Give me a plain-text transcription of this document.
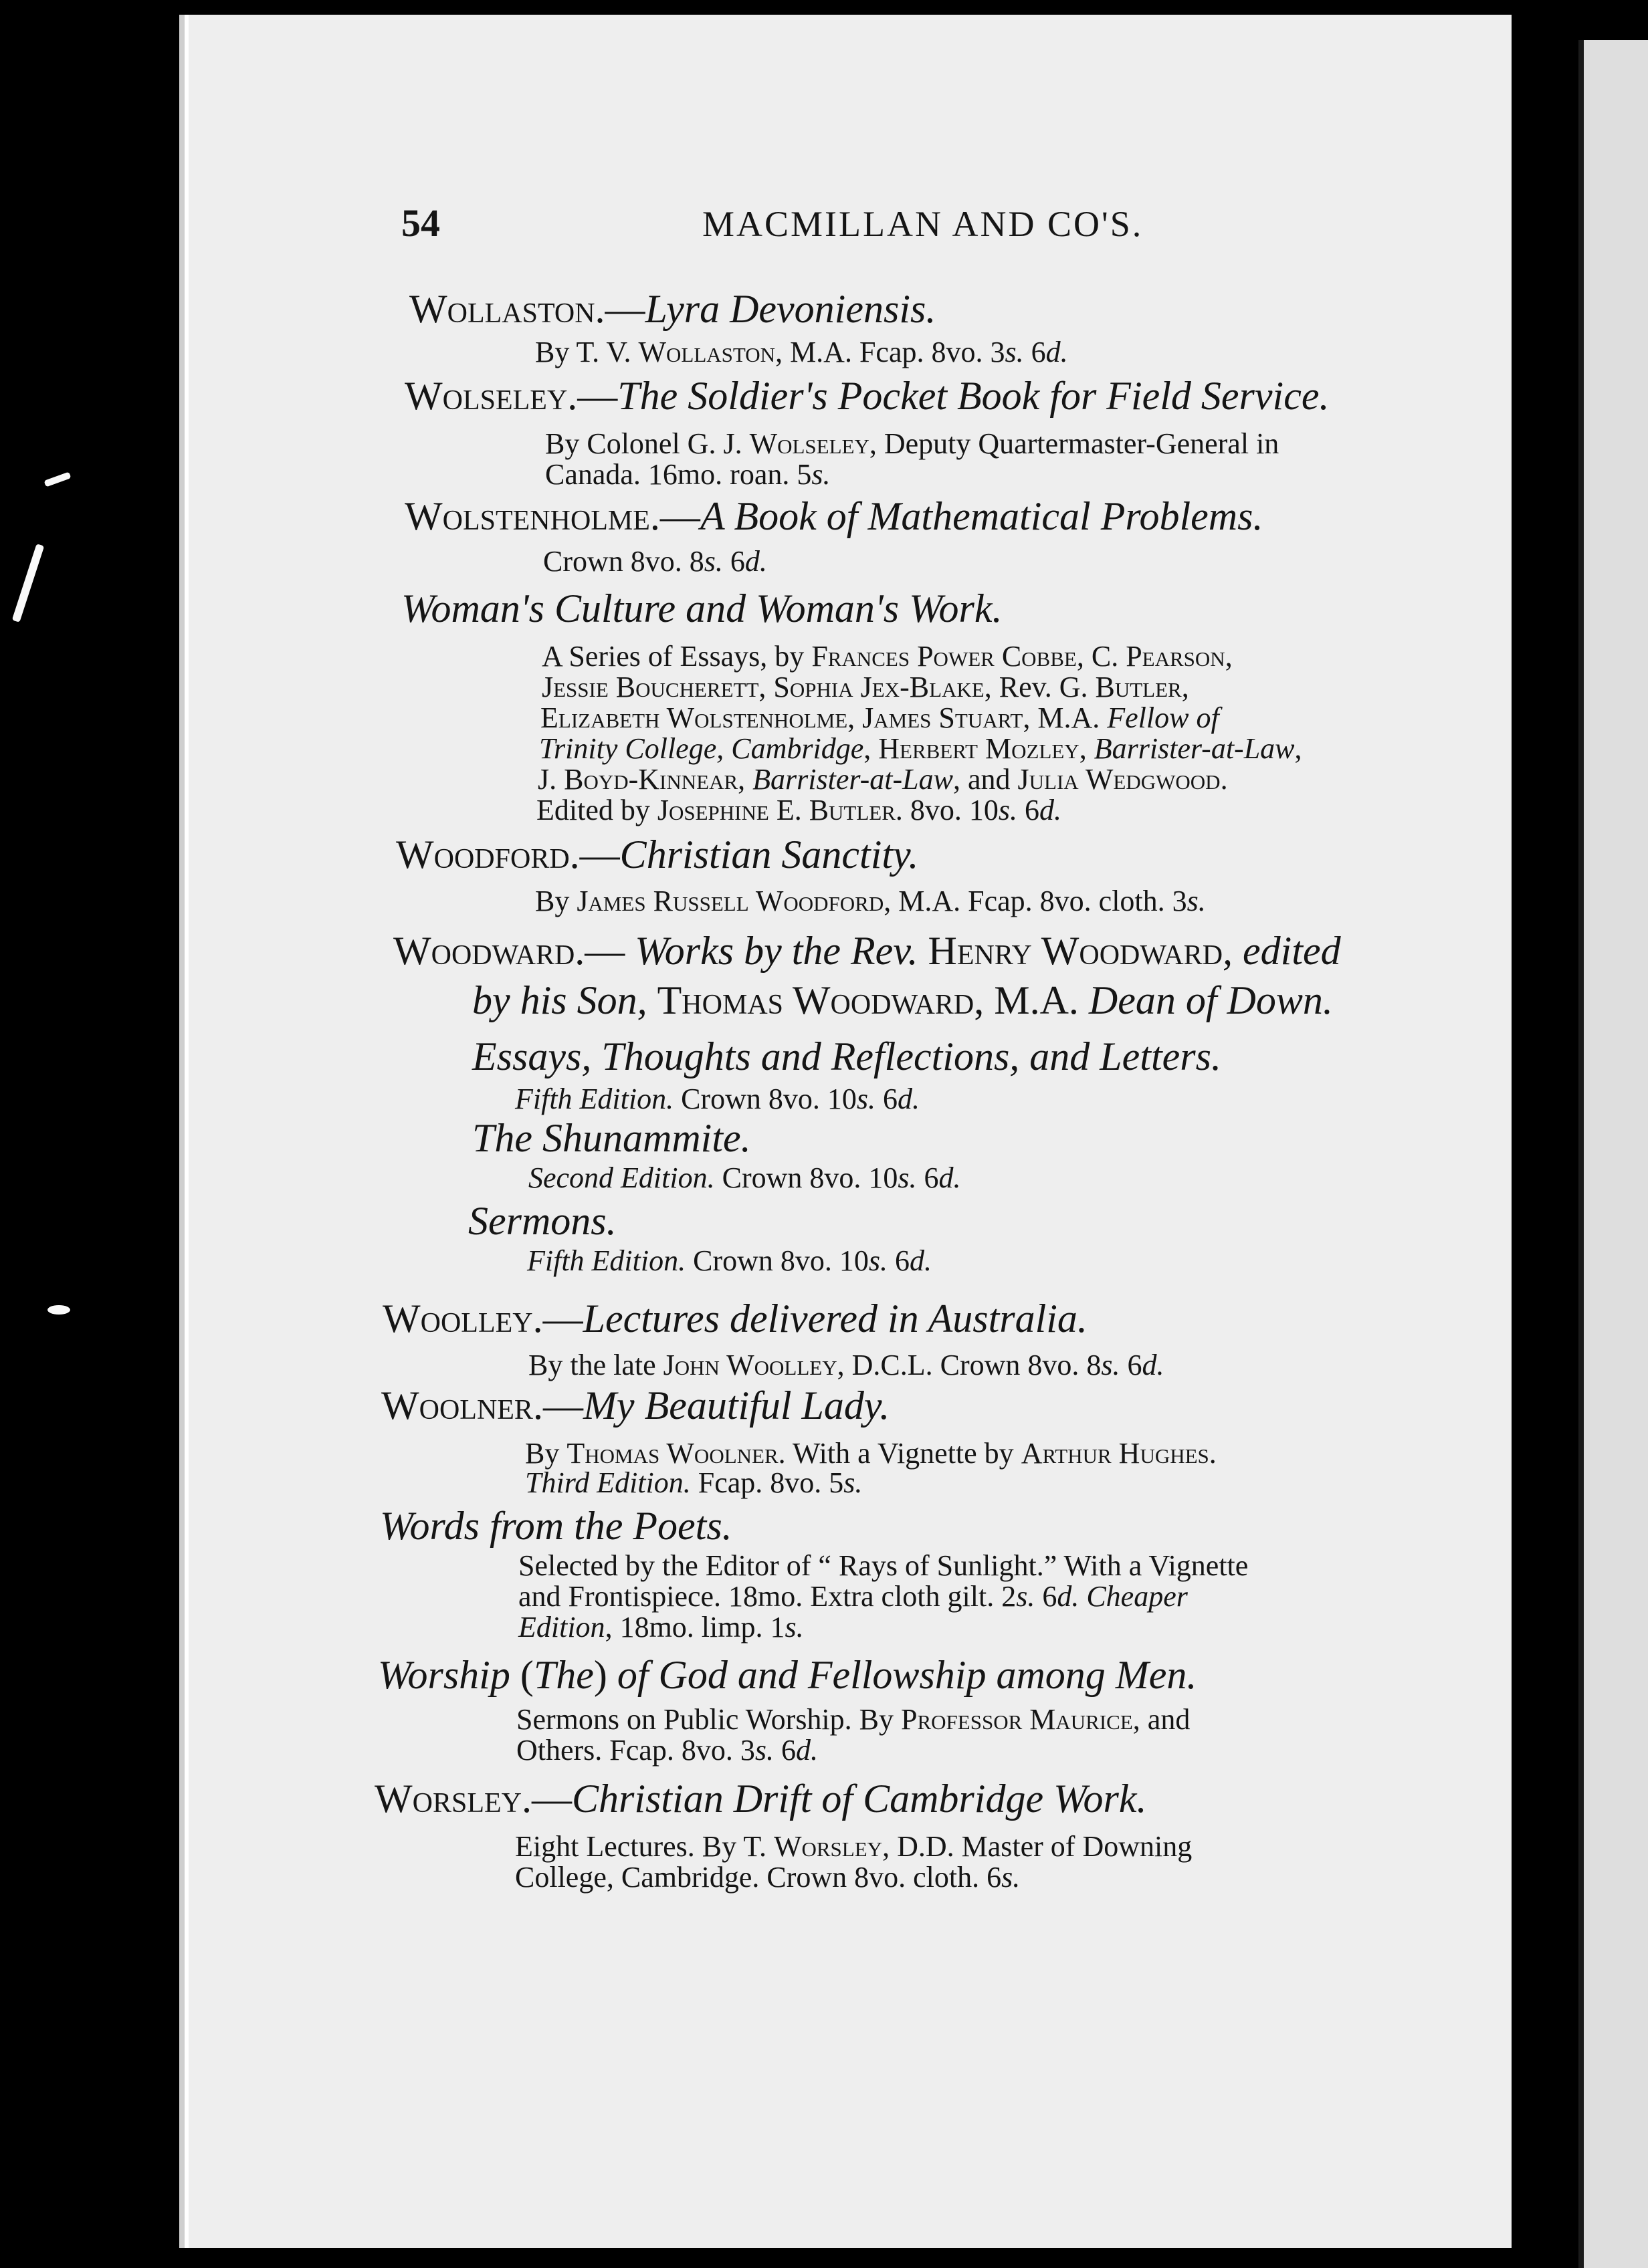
54	MACMILLAN AND CO'S.
Wollaston.—Lyra Devoniensis.
By T. V. Wollaston, M.A. Fcap. 8vo. 3s. 6d.
Wolseley.—The Soldier's Pocket Book for Field Service.
By Colonel G. J. Wolseley, Deputy Quartermaster-General in
Canada. 16mo. roan. 5s.
Wolstenholme.—A Book of Mathematical Problems.
Crown 8vo. 8s. 6d.
Woman's Culture and Woman's Work.
A Series of Essays, by Frances Power Cobbe, C. Pearson,
Jessie Boucherett, Sophia Jex-Blake, Rev. G. Butler,
Elizabeth Wolstenholme, James Stuart, M.A. Fellow of
Trinity College, Cambridge, Herbert Mozley, Barrister-at-Law,
J. Boyd-Kinnear, Barrister-at-Law, and Julia Wedgwood.
Edited by Josephine E. Butler. 8vo. 10s. 6d.
Woodford.—Christian Sanctity.
By James Russell Woodford, M.A. Fcap. 8vo. cloth. 3s.
Woodward.— Works by the Rev. Henry Woodward, edited
by his Son, Thomas Woodward, M.A. Dean of Down.
Essays, Thoughts and Reflections, and Letters.
Fifth Edition. Crown 8vo. 10s. 6d.
The Shunammite.
Second Edition. Crown 8vo. 10s. 6d.
Sermons.
Fifth Edition. Crown 8vo. 10s. 6d.
Woolley.—Lectures delivered in Australia.
By the late John Woolley, D.C.L. Crown 8vo. 8s. 6d.
Woolner.—My Beautiful Lady.
By Thomas Woolner. With a Vignette by Arthur Hughes.
Third Edition. Fcap. 8vo. 5s.
Words from the Poets.
Selected by the Editor of “ Rays of Sunlight.” With a Vignette
and Frontispiece. 18mo. Extra cloth gilt. 2s. 6d. Cheaper
Edition, 18mo. limp. 1s.
Worship (The) of God and Fellowship among Men.
Sermons on Public Worship. By Professor Maurice, and
Others. Fcap. 8vo. 3s. 6d.
Worsley.—Christian Drift of Cambridge Work.
Eight Lectures. By T. Worsley, D.D. Master of Downing
College, Cambridge. Crown 8vo. cloth. 6s.
